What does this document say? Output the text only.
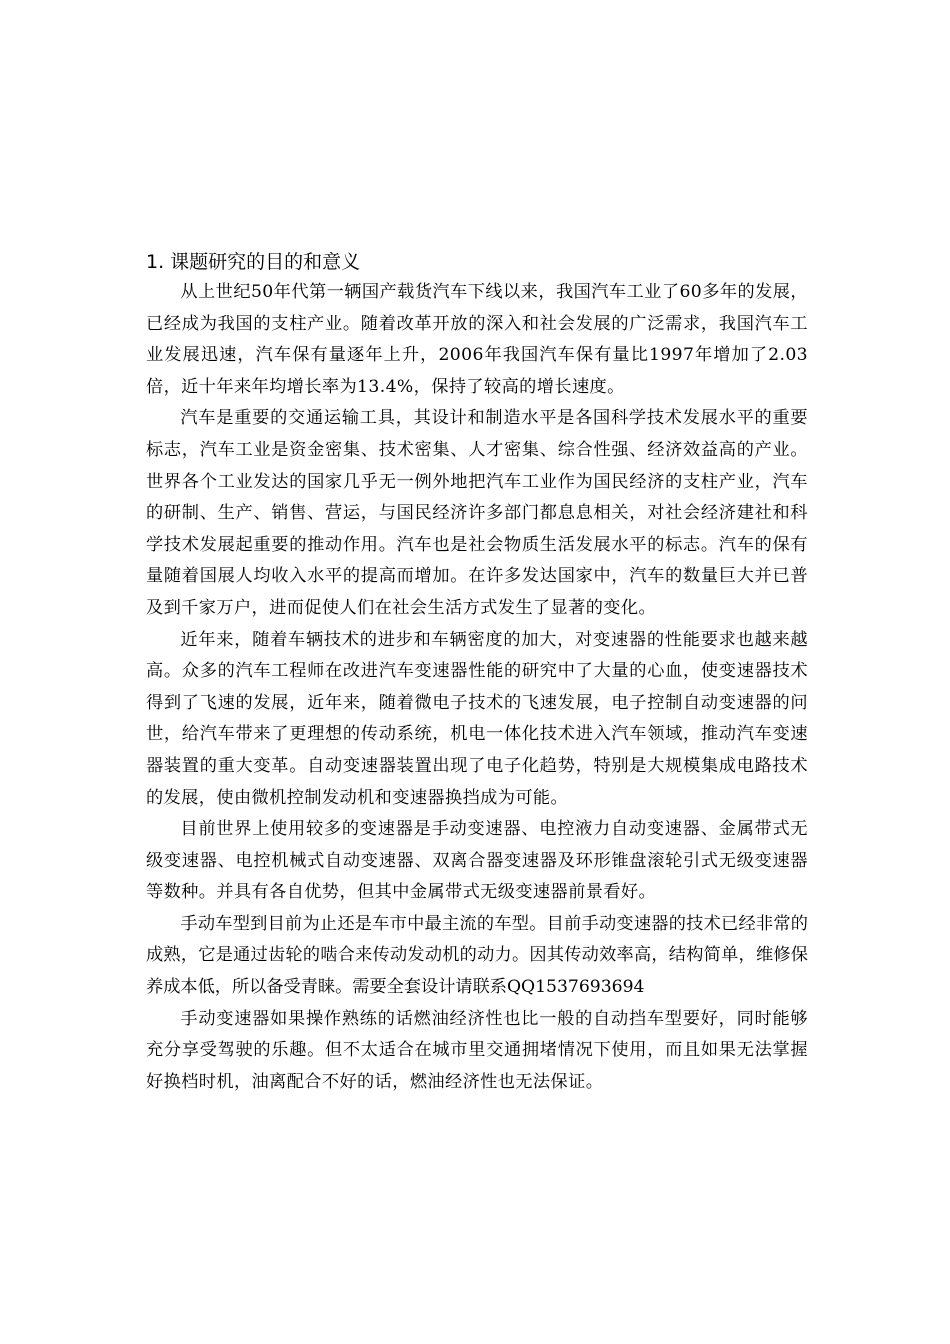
1. 课题研究的目的和意义

从上世纪50年代第一辆国产载货汽车下线以来，我国汽车工业了60多年的发展，已经成为我国的支柱产业。随着改革开放的深入和社会发展的广泛需求，我国汽车工业发展迅速，汽车保有量逐年上升，2006年我国汽车保有量比1997年增加了2.03倍，近十年来年均增长率为13.4%，保持了较高的增长速度。

汽车是重要的交通运输工具，其设计和制造水平是各国科学技术发展水平的重要标志，汽车工业是资金密集、技术密集、人才密集、综合性强、经济效益高的产业。世界各个工业发达的国家几乎无一例外地把汽车工业作为国民经济的支柱产业，汽车的研制、生产、销售、营运，与国民经济许多部门都息息相关，对社会经济建社和科学技术发展起重要的推动作用。汽车也是社会物质生活发展水平的标志。汽车的保有量随着国展人均收入水平的提高而增加。在许多发达国家中，汽车的数量巨大并已普及到千家万户，进而促使人们在社会生活方式发生了显著的变化。

近年来，随着车辆技术的进步和车辆密度的加大，对变速器的性能要求也越来越高。众多的汽车工程师在改进汽车变速器性能的研究中了大量的心血，使变速器技术得到了飞速的发展，近年来，随着微电子技术的飞速发展，电子控制自动变速器的问世，给汽车带来了更理想的传动系统，机电一体化技术进入汽车领域，推动汽车变速器装置的重大变革。自动变速器装置出现了电子化趋势，特别是大规模集成电路技术的发展，使由微机控制发动机和变速器换挡成为可能。

目前世界上使用较多的变速器是手动变速器、电控液力自动变速器、金属带式无级变速器、电控机械式自动变速器、双离合器变速器及环形锥盘滚轮引式无级变速器等数种。并具有各自优势，但其中金属带式无级变速器前景看好。

手动车型到目前为止还是车市中最主流的车型。目前手动变速器的技术已经非常的成熟，它是通过齿轮的啮合来传动发动机的动力。因其传动效率高，结构简单，维修保养成本低，所以备受青睐。需要全套设计请联系QQ1537693694

手动变速器如果操作熟练的话燃油经济性也比一般的自动挡车型要好，同时能够充分享受驾驶的乐趣。但不太适合在城市里交通拥堵情况下使用，而且如果无法掌握好换档时机，油离配合不好的话，燃油经济性也无法保证。
